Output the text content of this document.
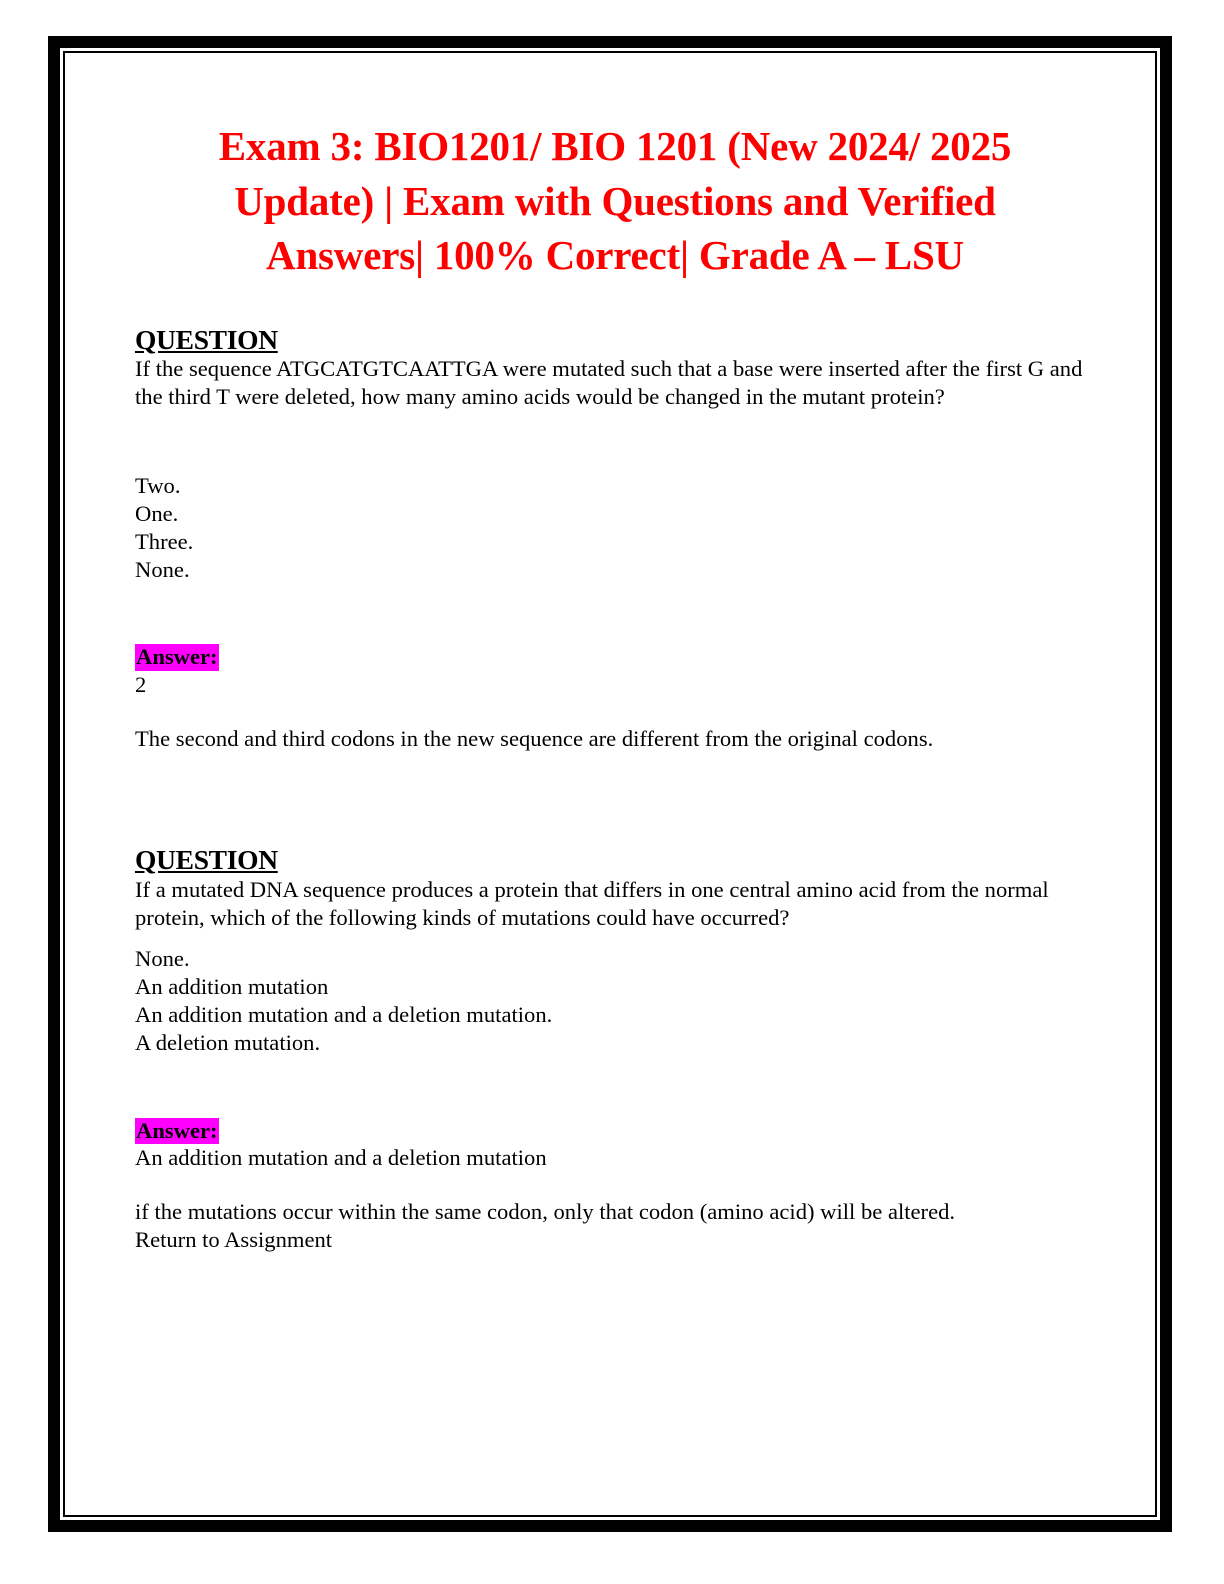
Exam 3: BIO1201/ BIO 1201 (New 2024/ 2025 Update) | Exam with Questions and Verified Answers| 100% Correct| Grade A – LSU
QUESTION

If the sequence ATGCATGTCAATTGA were mutated such that a base were inserted after the first G and the third T were deleted, how many amino acids would be changed in the mutant protein?

Two.
One.
Three.
None.
Answer:

2

The second and third codons in the new sequence are different from the original codons.

QUESTION

If a mutated DNA sequence produces a protein that differs in one central amino acid from the normal protein, which of the following kinds of mutations could have occurred?

None.
An addition mutation
An addition mutation and a deletion mutation.
A deletion mutation.
Answer:

An addition mutation and a deletion mutation

if the mutations occur within the same codon, only that codon (amino acid) will be altered.

Return to Assignment
